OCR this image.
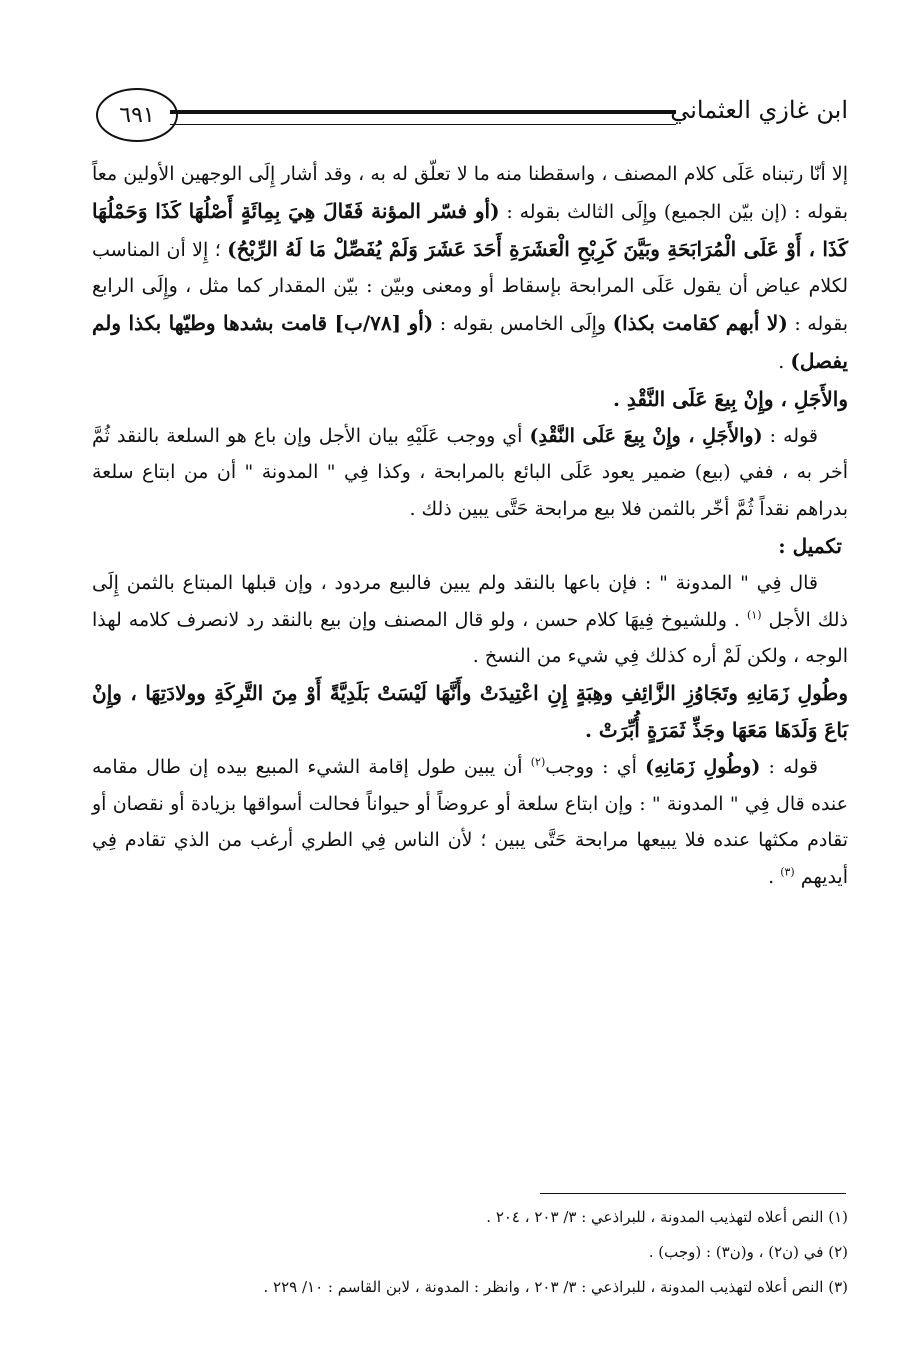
ابن غازي العثماني
٦٩١

إلا أنّا رتبناه عَلَى كلام المصنف ، واسقطنا منه ما لا تعلّق له به ، وقد أشار إِلَى الوجهين الأولين معاً بقوله : (إن بيّن الجميع) وإِلَى الثالث بقوله : (أو فسّر المؤنة فَقَالَ هِيَ بِمِائَةٍ أَصْلُهَا كَذَا وَحَمْلُهَا كَذَا ، أَوْ عَلَى الْمُرَابَحَةِ وبَيَّنَ كَرِبْحِ الْعَشَرَةِ أَحَدَ عَشَرَ وَلَمْ يُفَصِّلْ مَا لَهُ الرِّبْحُ) ؛ إِلا أن المناسب لكلام عياض أن يقول عَلَى المرابحة بإسقاط أو ومعنى وبيّن : بيّن المقدار كما مثل ، وإِلَى الرابع بقوله : (لا أبهم كقامت بكذا) وإِلَى الخامس بقوله : (أو [٧٨/ب] قامت بشدها وطيّها بكذا ولم يفصل) .

والأَجَلِ ، وإِنْ بِيعَ عَلَى النَّقْدِ .

قوله : (والأَجَلِ ، وإِنْ بِيعَ عَلَى النَّقْدِ) أي ووجب عَلَيْهِ بيان الأجل وإن باع هو السلعة بالنقد ثُمَّ أخر به ، ففي (بيع) ضمير يعود عَلَى البائع بالمرابحة ، وكذا فِي " المدونة " أن من ابتاع سلعة بدراهم نقداً ثُمَّ أخّر بالثمن فلا بيع مرابحة حَتَّى يبين ذلك .

تكميل :

قال فِي " المدونة " : فإن باعها بالنقد ولم يبين فالبيع مردود ، وإن قبلها المبتاع بالثمن إِلَى ذلك الأجل $^{(١)}$ . وللشيوخ فِيهَا كلام حسن ، ولو قال المصنف وإن بيع بالنقد رد لانصرف كلامه لهذا الوجه ، ولكن لَمْ أره كذلك فِي شيء من النسخ .

وطُولِ زَمَانِهِ وتَجَاوُزِ الزَّائِفِ وهِبَةٍ إِنِ اعْتِيدَتْ وأَنَّهَا لَيْسَتْ بَلَدِيَّةً أَوْ مِنَ التَّرِكَةِ وولادَتِهَا ، وإِنْ بَاعَ وَلَدَهَا مَعَهَا وجَذِّ ثَمَرَةٍ أُبِّرَتْ .

قوله : (وطُولِ زَمَانِهِ) أي : ووجب$^{(٢)}$ أن يبين طول إقامة الشيء المبيع بيده إن طال مقامه عنده قال فِي " المدونة " : وإن ابتاع سلعة أو عروضاً أو حيواناً فحالت أسواقها بزيادة أو نقصان أو تقادم مكثها عنده فلا يبيعها مرابحة حَتَّى يبين ؛ لأن الناس فِي الطري أرغب من الذي تقادم فِي أيديهم $^{(٣)}$ .

(١) النص أعلاه لتهذيب المدونة ، للبراذعي : ٣/ ٢٠٣ ، ٢٠٤ .

(٢) في (ن٢) ، و(ن٣) : (وجب) .

(٣) النص أعلاه لتهذيب المدونة ، للبراذعي : ٣/ ٢٠٣ ، وانظر : المدونة ، لابن القاسم : ١٠/ ٢٢٩ .
